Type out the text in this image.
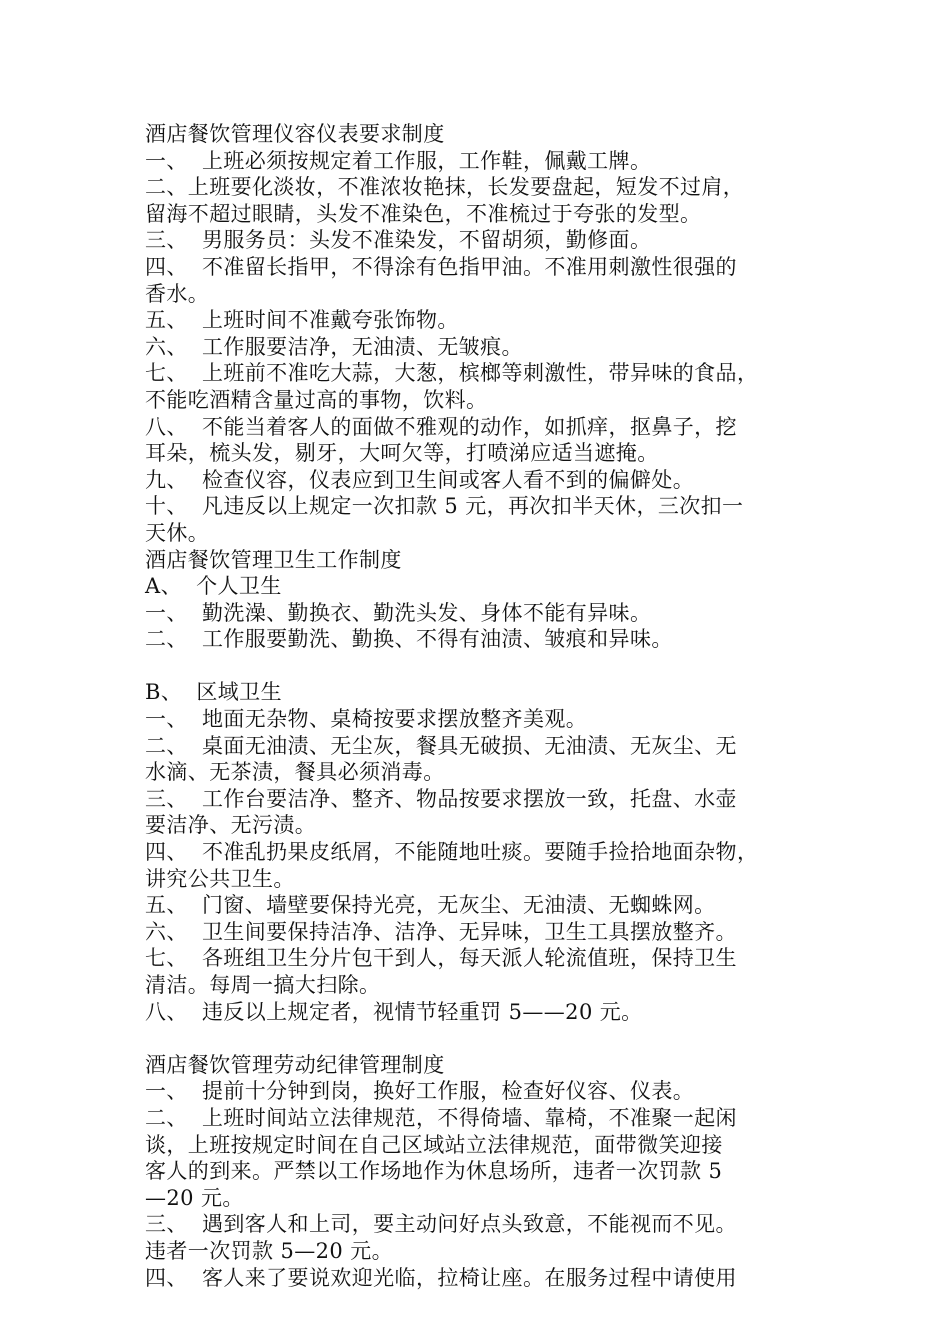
酒店餐饮管理仪容仪表要求制度
一、  上班必须按规定着工作服，工作鞋，佩戴工牌。
二、上班要化淡妆，不准浓妆艳抹，长发要盘起，短发不过肩，
留海不超过眼睛，头发不准染色，不准梳过于夸张的发型。
三、  男服务员：头发不准染发，不留胡须，勤修面。
四、  不准留长指甲，不得涂有色指甲油。不准用刺激性很强的
香水。
五、  上班时间不准戴夸张饰物。
六、  工作服要洁净，无油渍、无皱痕。
七、  上班前不准吃大蒜，大葱，槟榔等刺激性，带异味的食品，
不能吃酒精含量过高的事物，饮料。
八、  不能当着客人的面做不雅观的动作，如抓痒，抠鼻子，挖
耳朵，梳头发，剔牙，大呵欠等，打喷涕应适当遮掩。
九、  检查仪容，仪表应到卫生间或客人看不到的偏僻处。
十、  凡违反以上规定一次扣款 5 元，再次扣半天休，三次扣一
天休。
酒店餐饮管理卫生工作制度
A、  个人卫生
一、  勤洗澡、勤换衣、勤洗头发、身体不能有异味。
二、  工作服要勤洗、勤换、不得有油渍、皱痕和异味。
B、  区域卫生
一、  地面无杂物、桌椅按要求摆放整齐美观。
二、  桌面无油渍、无尘灰，餐具无破损、无油渍、无灰尘、无
水滴、无茶渍，餐具必须消毒。
三、  工作台要洁净、整齐、物品按要求摆放一致，托盘、水壶
要洁净、无污渍。
四、  不准乱扔果皮纸屑，不能随地吐痰。要随手捡拾地面杂物，
讲究公共卫生。
五、  门窗、墙壁要保持光亮，无灰尘、无油渍、无蜘蛛网。
六、  卫生间要保持洁净、洁净、无异味，卫生工具摆放整齐。
七、  各班组卫生分片包干到人，每天派人轮流值班，保持卫生
清洁。每周一搞大扫除。
八、  违反以上规定者，视情节轻重罚 5——20 元。
酒店餐饮管理劳动纪律管理制度
一、  提前十分钟到岗，换好工作服，检查好仪容、仪表。
二、  上班时间站立法律规范，不得倚墙、靠椅，不准聚一起闲
谈，上班按规定时间在自己区域站立法律规范，面带微笑迎接
客人的到来。严禁以工作场地作为休息场所，违者一次罚款 5
—20 元。
三、  遇到客人和上司，要主动问好点头致意，不能视而不见。
违者一次罚款 5—20 元。
四、  客人来了要说欢迎光临，拉椅让座。在服务过程中请使用
